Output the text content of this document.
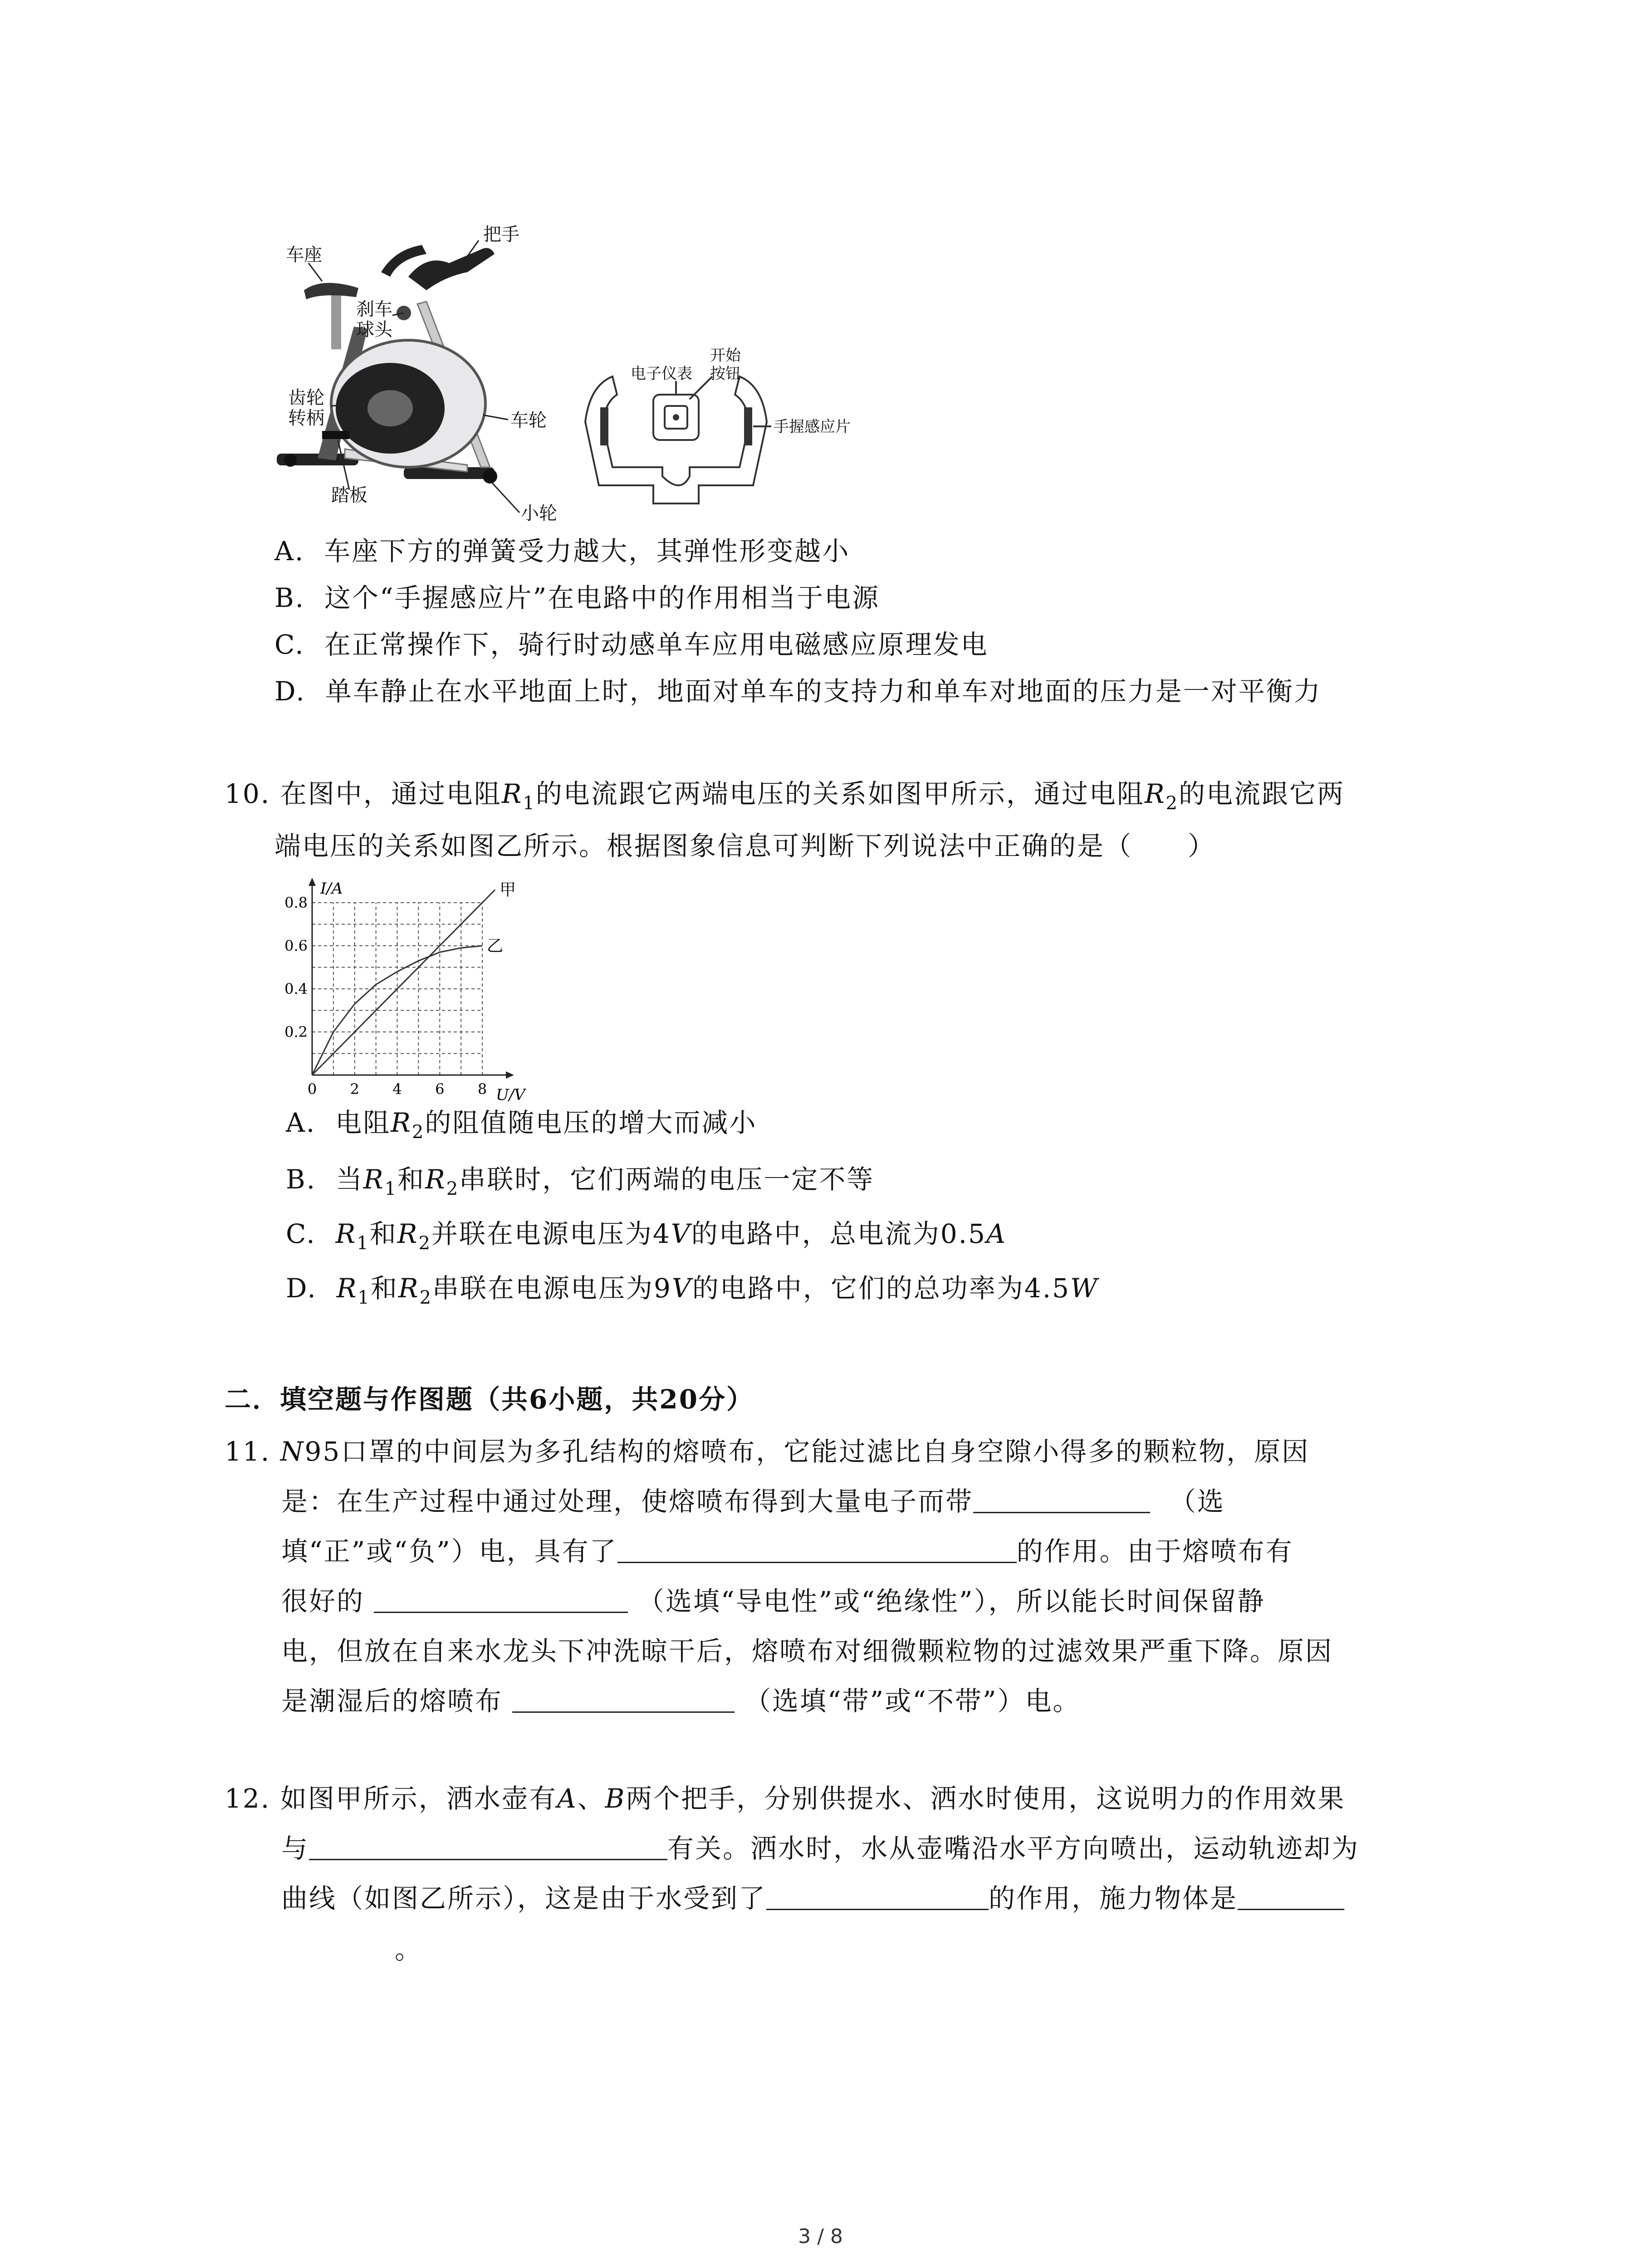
把手
车座
刹车
球头
齿轮
转柄	车轮
踏板
小轮
电子仪表
开始
按钮
手握感应片
A. 车座下方的弹簧受力越大，其弹性形变越小
B. 这个“手握感应片”在电路中的作用相当于电源
C. 在正常操作下，骑行时动感单车应用电磁感应原理发电
D. 单车静止在水平地面上时，地面对单车的支持力和单车对地面的压力是一对平衡力
10. 在图中，通过电阻$R_1$的电流跟它两端电压的关系如图甲所示，通过电阻$R_2$的电流跟它两
端电压的关系如图乙所示。根据图象信息可判断下列说法中正确的是（　　）
0 2 4 6 8
0.2
0.4
0.6
0.8
I/A
U/V
甲
乙
A. 电阻$R_2$的阻值随电压的增大而减小
B. 当$R_1$和$R_2$串联时，它们两端的电压一定不等
C. $R_1$和$R_2$并联在电源电压为4V的电路中，总电流为0.5A
D. $R_1$和$R_2$串联在电源电压为9V的电路中，它们的总功率为4.5W
二．填空题与作图题（共6小题，共20分）
11. N95口罩的中间层为多孔结构的熔喷布，它能过滤比自身空隙小得多的颗粒物，原因
是：在生产过程中通过处理，使熔喷布得到大量电子而带	（选
填“正”或“负”）电，具有了	的作用。由于熔喷布有
很好的	（选填“导电性”或“绝缘性”），所以能长时间保留静
电，但放在自来水龙头下冲洗晾干后，熔喷布对细微颗粒物的过滤效果严重下降。原因
是潮湿后的熔喷布	（选填“带”或“不带”）电。
12. 如图甲所示，洒水壶有A、B两个把手，分别供提水、洒水时使用，这说明力的作用效果
与	有关。洒水时，水从壶嘴沿水平方向喷出，运动轨迹却为
曲线（如图乙所示），这是由于水受到了	的作用，施力物体是
。
3 / 8
